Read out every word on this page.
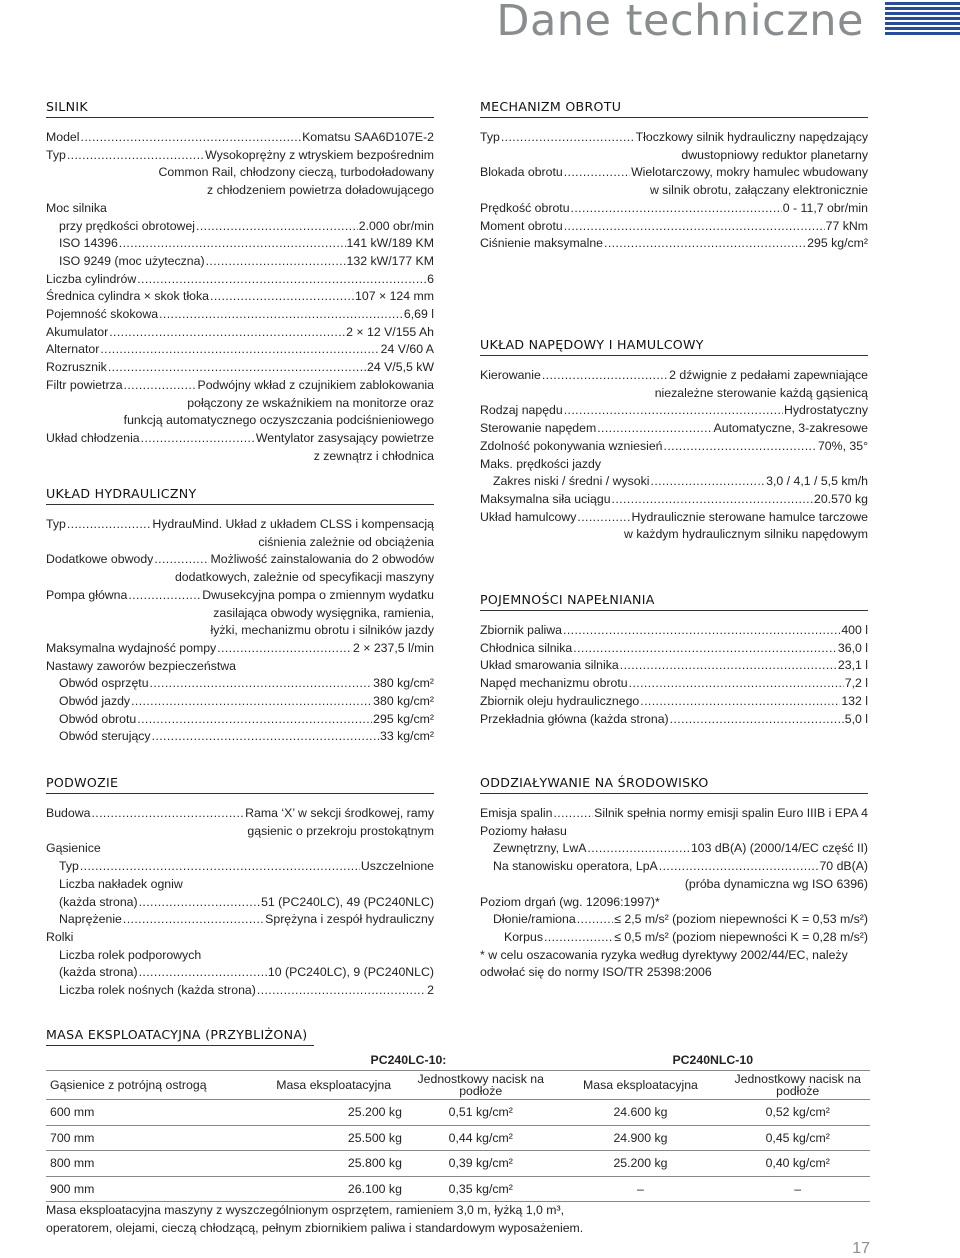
Dane techniczne
SILNIK
Model .....	Komatsu SAA6D107E-2
Typ .....	Wysokoprężny z wtryskiem bezpośrednim
Common Rail, chłodzony cieczą, turbodoładowany
z chłodzeniem powietrza doładowującego
Moc silnika
przy prędkości obrotowej .....	2.000 obr/min
ISO 14396 .....	141 kW/189 KM
ISO 9249 (moc użyteczna) .....	132 kW/177 KM
Liczba cylindrów .....	6
Średnica cylindra × skok tłoka .....	107 × 124 mm
Pojemność skokowa .....	6,69 l
Akumulator .....	2 × 12 V/155 Ah
Alternator .....	24 V/60 A
Rozrusznik .....	24 V/5,5 kW
Filtr powietrza .....	Podwójny wkład z czujnikiem zablokowania
połączony ze wskaźnikiem na monitorze oraz
funkcją automatycznego oczyszczania podciśnieniowego
Układ chłodzenia .....	Wentylator zasysający powietrze
z zewnątrz i chłodnica
UKŁAD HYDRAULICZNY
Typ .....	HydrauMind. Układ z układem CLSS i kompensacją
ciśnienia zależnie od obciążenia
Dodatkowe obwody .....	Możliwość zainstalowania do 2 obwodów
dodatkowych, zależnie od specyfikacji maszyny
Pompa główna .....	Dwusekcyjna pompa o zmiennym wydatku
zasilająca obwody wysięgnika, ramienia,
łyżki, mechanizmu obrotu i silników jazdy
Maksymalna wydajność pompy .....	2 × 237,5 l/min
Nastawy zaworów bezpieczeństwa
Obwód osprzętu .....	380 kg/cm²
Obwód jazdy .....	380 kg/cm²
Obwód obrotu .....	295 kg/cm²
Obwód sterujący .....	33 kg/cm²
PODWOZIE
Budowa .....	Rama ‘X’ w sekcji środkowej, ramy
gąsienic o przekroju prostokątnym
Gąsienice
Typ .....	Uszczelnione
Liczba nakładek ogniw
(każda strona) .....	51 (PC240LC), 49 (PC240NLC)
Naprężenie .....	Sprężyna i zespół hydrauliczny
Rolki
Liczba rolek podporowych
(każda strona) .....	10 (PC240LC), 9 (PC240NLC)
Liczba rolek nośnych (każda strona) .....	2
MECHANIZM OBROTU
Typ .....	Tłoczkowy silnik hydrauliczny napędzający
dwustopniowy reduktor planetarny
Blokada obrotu .....	Wielotarczowy, mokry hamulec wbudowany
w silnik obrotu, załączany elektronicznie
Prędkość obrotu .....	0 - 11,7 obr/min
Moment obrotu .....	77 kNm
Ciśnienie maksymalne .....	295 kg/cm²
UKŁAD NAPĘDOWY I HAMULCOWY
Kierowanie .....	2 dźwignie z pedałami zapewniające
niezależne sterowanie każdą gąsienicą
Rodzaj napędu .....	Hydrostatyczny
Sterowanie napędem .....	Automatyczne, 3-zakresowe
Zdolność pokonywania wzniesień .....	70%, 35°
Maks. prędkości jazdy
Zakres niski / średni / wysoki .....	3,0 / 4,1 / 5,5 km/h
Maksymalna siła uciągu .....	20.570 kg
Układ hamulcowy .....	Hydraulicznie sterowane hamulce tarczowe
w każdym hydraulicznym silniku napędowym
POJEMNOŚCI NAPEŁNIANIA
Zbiornik paliwa .....	400 l
Chłodnica silnika .....	36,0 l
Układ smarowania silnika .....	23,1 l
Napęd mechanizmu obrotu .....	7,2 l
Zbiornik oleju hydraulicznego .....	132 l
Przekładnia główna (każda strona) .....	5,0 l
ODDZIAŁYWANIE NA ŚRODOWISKO
Emisja spalin .....	Silnik spełnia normy emisji spalin Euro IIIB i EPA 4
Poziomy hałasu
Zewnętrzny, LwA .....	103 dB(A) (2000/14/EC część II)
Na stanowisku operatora, LpA .....	70 dB(A)
(próba dynamiczna wg ISO 6396)
Poziom drgań (wg. 12096:1997)*
Dłonie/ramiona .....	≤ 2,5 m/s² (poziom niepewności K = 0,53 m/s²)
Korpus .....	≤ 0,5 m/s² (poziom niepewności K = 0,28 m/s²)
* w celu oszacowania ryzyka według dyrektywy 2002/44/EC, należy
odwołać się do normy ISO/TR 25398:2006
MASA EKSPLOATACYJNA (PRZYBLIŻONA)
	PC240LC-10:		PC240NLC-10	
Gąsienice z potrójną ostrogą	Masa eksploatacyjna	Jednostkowy nacisk na podłoże	Masa eksploatacyjna	Jednostkowy nacisk na podłoże
600 mm	25.200 kg	0,51 kg/cm²	24.600 kg	0,52 kg/cm²
700 mm	25.500 kg	0,44 kg/cm²	24.900 kg	0,45 kg/cm²
800 mm	25.800 kg	0,39 kg/cm²	25.200 kg	0,40 kg/cm²
900 mm	26.100 kg	0,35 kg/cm²	–	–
Masa eksploatacyjna maszyny z wyszczególnionym osprzętem, ramieniem 3,0 m, łyżką 1,0 m³,
operatorem, olejami, cieczą chłodzącą, pełnym zbiornikiem paliwa i standardowym wyposażeniem.
17
